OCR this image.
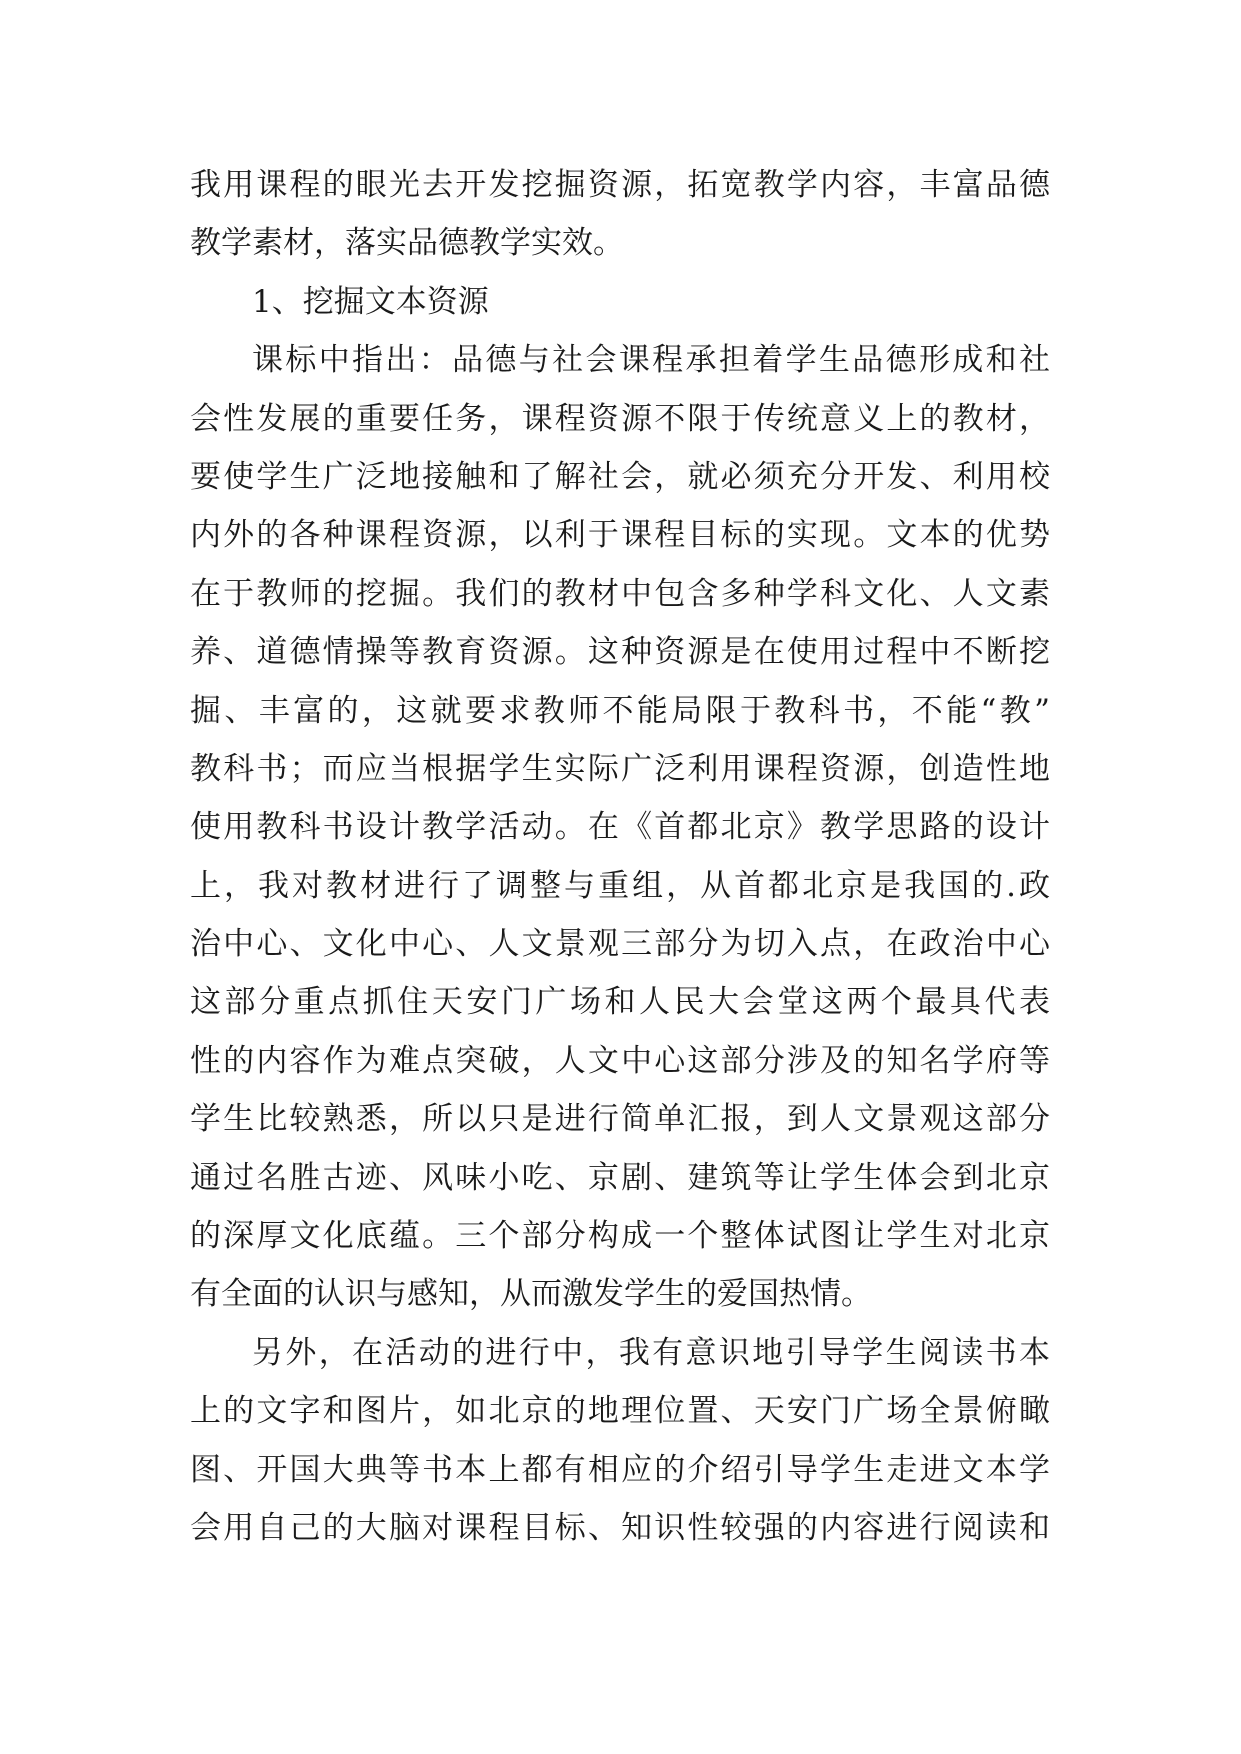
我用课程的眼光去开发挖掘资源，拓宽教学内容，丰富品德
教学素材，落实品德教学实效。
1、挖掘文本资源
课标中指出：品德与社会课程承担着学生品德形成和社
会性发展的重要任务，课程资源不限于传统意义上的教材，
要使学生广泛地接触和了解社会，就必须充分开发、利用校
内外的各种课程资源，以利于课程目标的实现。文本的优势
在于教师的挖掘。我们的教材中包含多种学科文化、人文素
养、道德情操等教育资源。这种资源是在使用过程中不断挖
掘、丰富的，这就要求教师不能局限于教科书，不能“教”
教科书；而应当根据学生实际广泛利用课程资源，创造性地
使用教科书设计教学活动。在《首都北京》教学思路的设计
上，我对教材进行了调整与重组，从首都北京是我国的.政
治中心、文化中心、人文景观三部分为切入点，在政治中心
这部分重点抓住天安门广场和人民大会堂这两个最具代表
性的内容作为难点突破，人文中心这部分涉及的知名学府等
学生比较熟悉，所以只是进行简单汇报，到人文景观这部分
通过名胜古迹、风味小吃、京剧、建筑等让学生体会到北京
的深厚文化底蕴。三个部分构成一个整体试图让学生对北京
有全面的认识与感知，从而激发学生的爱国热情。
另外，在活动的进行中，我有意识地引导学生阅读书本
上的文字和图片，如北京的地理位置、天安门广场全景俯瞰
图、开国大典等书本上都有相应的介绍引导学生走进文本学
会用自己的大脑对课程目标、知识性较强的内容进行阅读和
